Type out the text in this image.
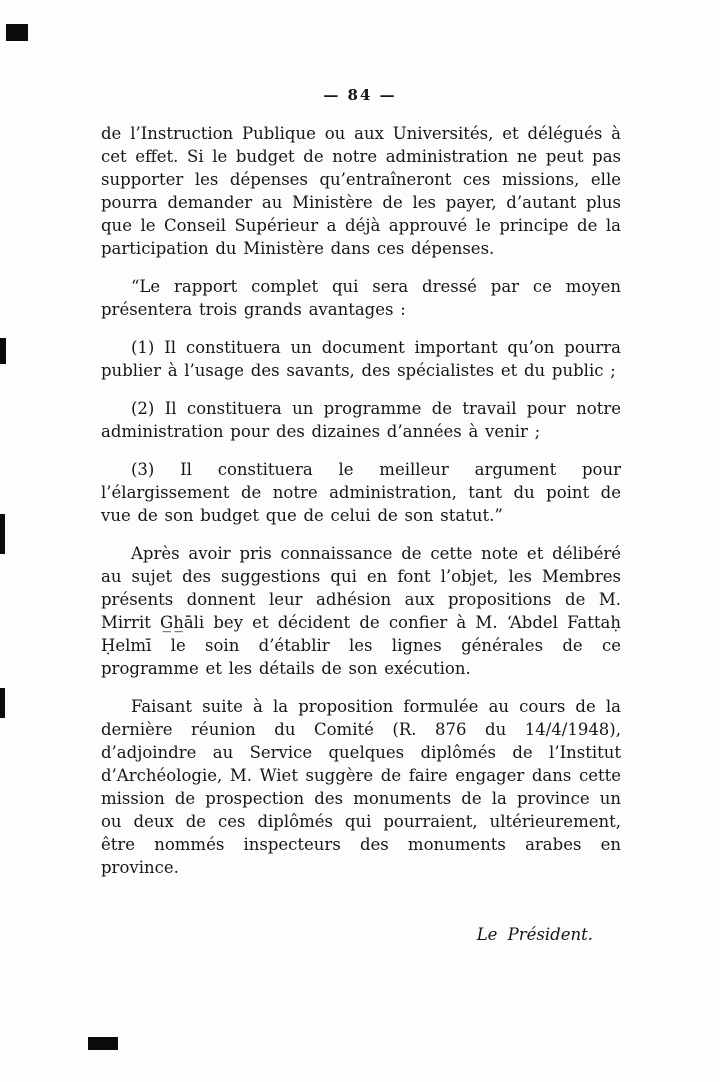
— 84 —

de l’Instruction Publique ou aux Universités, et délégués à cet effet. Si le budget de notre administration ne peut pas supporter les dépenses qu’entraîneront ces missions, elle pourra demander au Ministère de les payer, d’autant plus que le Conseil Supérieur a déjà approuvé le principe de la participation du Ministère dans ces dépenses.

“Le rapport complet qui sera dressé par ce moyen présentera trois grands avantages :

(1) Il constituera un document important qu’on pourra publier à l’usage des savants, des spécialistes et du public ;

(2) Il constituera un programme de travail pour notre administration pour des dizaines d’années à venir ;

(3) Il constituera le meilleur argument pour l’élargissement de notre administration, tant du point de vue de son budget que de celui de son statut.”

Après avoir pris connaissance de cette note et délibéré au sujet des suggestions qui en font l’objet, les Membres présents donnent leur adhésion aux propositions de M. Mirrit G̲h̲āli bey et décident de confier à M. ‘Abdel Fattaḥ Ḥelmī le soin d’établir les lignes générales de ce programme et les détails de son exécution.

Faisant suite à la proposition formulée au cours de la dernière réunion du Comité (R. 876 du 14/4/1948), d’adjoindre au Service quelques diplômés de l’Institut d’Archéologie, M. Wiet suggère de faire engager dans cette mission de prospection des monuments de la province un ou deux de ces diplômés qui pourraient, ultérieurement, être nommés inspecteurs des monuments arabes en province.

Le Président.
